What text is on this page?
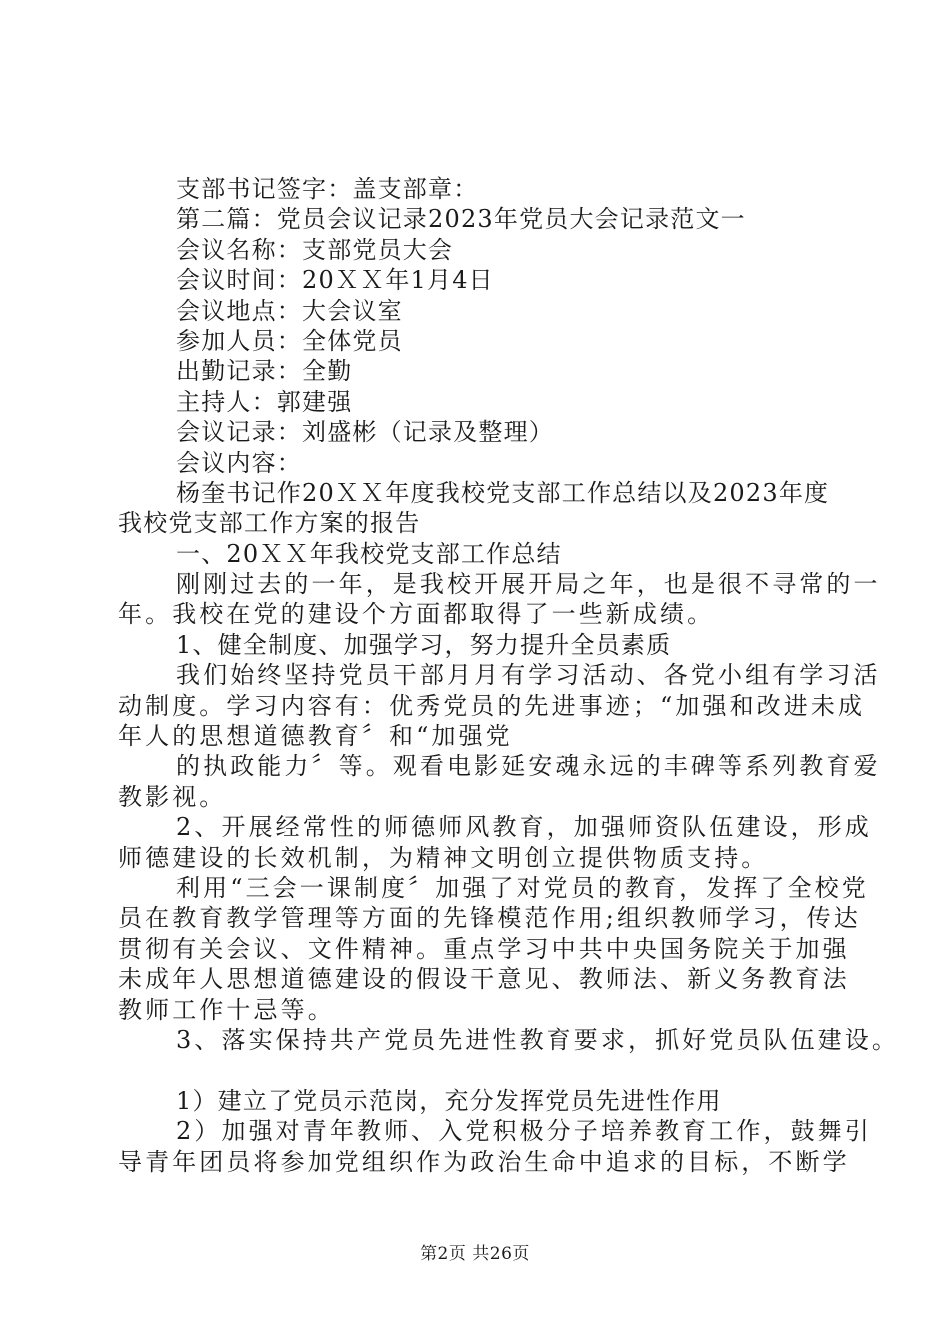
支部书记签字：盖支部章：
第二篇：党员会议记录2023年党员大会记录范文一
会议名称：支部党员大会
会议时间：20ＸＸ年1月4日
会议地点：大会议室
参加人员：全体党员
出勤记录：全勤
主持人：郭建强
会议记录：刘盛彬（记录及整理）
会议内容：
杨奎书记作20ＸＸ年度我校党支部工作总结以及2023年度
我校党支部工作方案的报告
一、20ＸＸ年我校党支部工作总结
刚刚过去的一年，是我校开展开局之年，也是很不寻常的一
年。我校在党的建设个方面都取得了一些新成绩。
1、健全制度、加强学习，努力提升全员素质
我们始终坚持党员干部月月有学习活动、各党小组有学习活
动制度。学习内容有：优秀党员的先进事迹；“加强和改进未成
年人的思想道德教育〞和“加强党
的执政能力〞等。观看电影延安魂永远的丰碑等系列教育爱
教影视。
2、开展经常性的师德师风教育，加强师资队伍建设，形成
师德建设的长效机制，为精神文明创立提供物质支持。
利用“三会一课制度〞加强了对党员的教育，发挥了全校党
员在教育教学管理等方面的先锋模范作用;组织教师学习，传达
贯彻有关会议、文件精神。重点学习中共中央国务院关于加强
未成年人思想道德建设的假设干意见、教师法、新义务教育法
教师工作十忌等。
3、落实保持共产党员先进性教育要求，抓好党员队伍建设。
1）建立了党员示范岗，充分发挥党员先进性作用
2）加强对青年教师、入党积极分子培养教育工作，鼓舞引
导青年团员将参加党组织作为政治生命中追求的目标，不断学
第2页 共26页
